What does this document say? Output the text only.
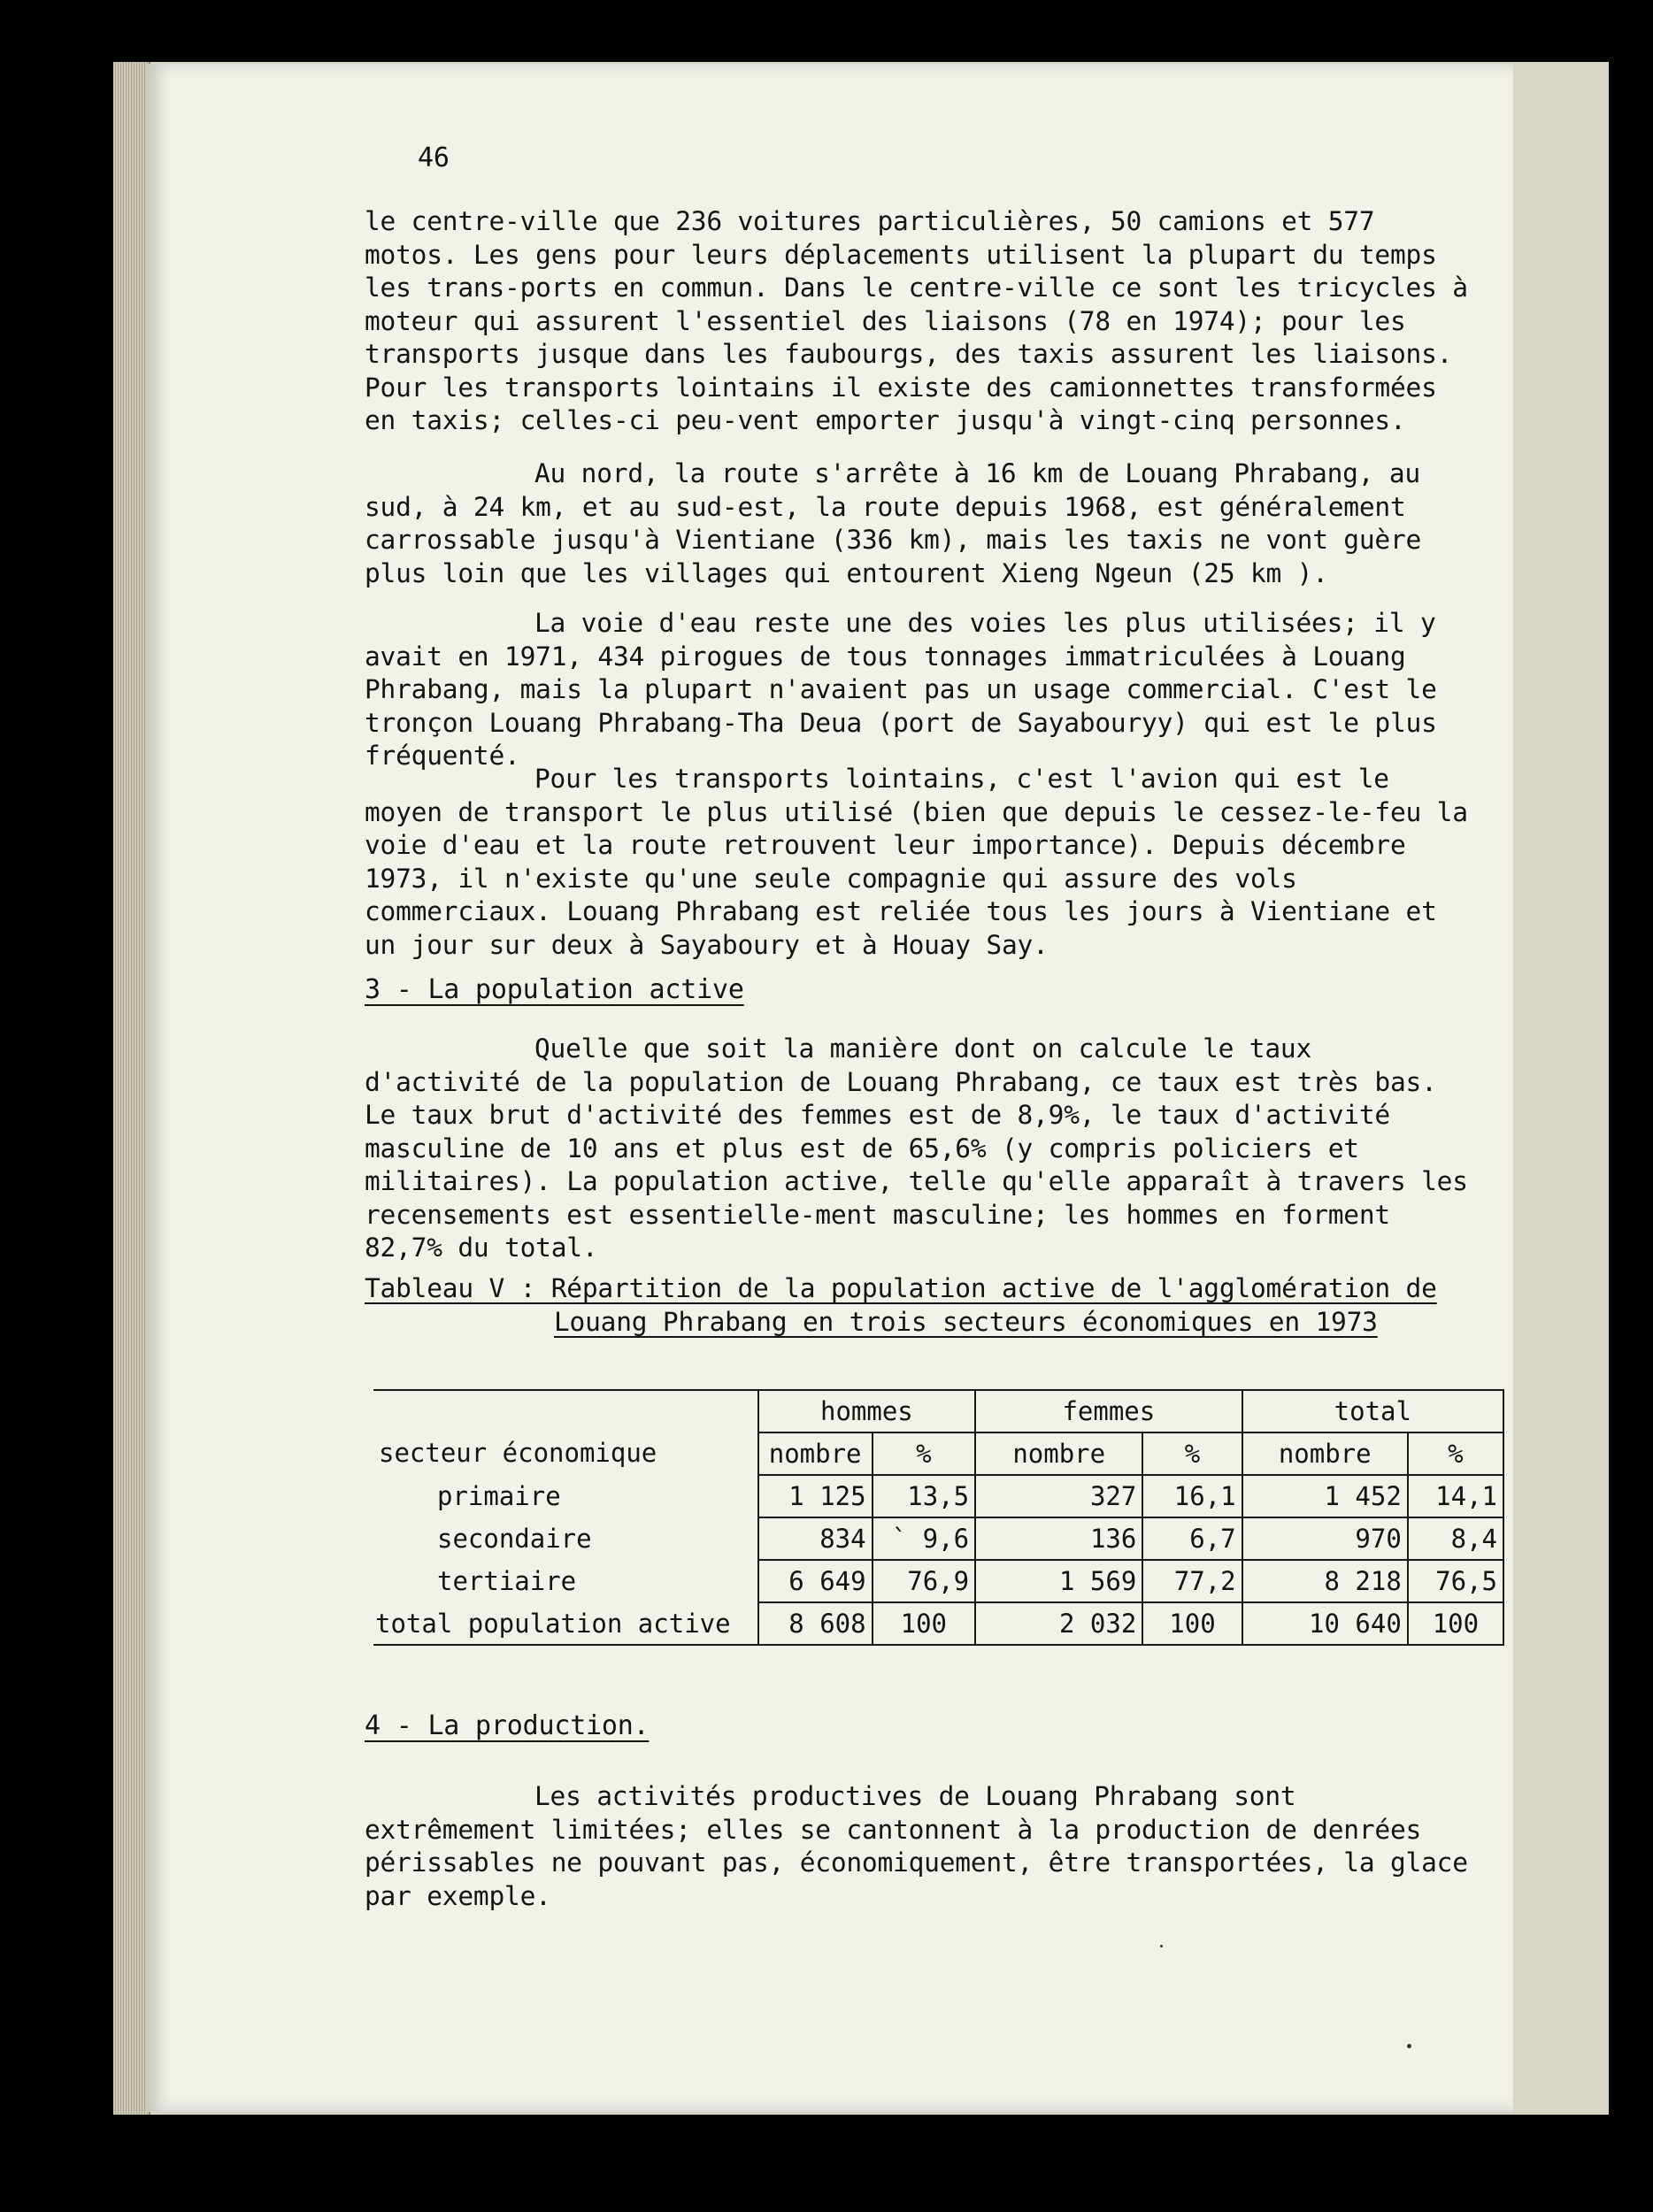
46

le centre-ville que 236 voitures particulières, 50 camions et 577 motos. Les gens pour leurs déplacements utilisent la plupart du temps les trans-ports en commun. Dans le centre-ville ce sont les tricycles à moteur qui assurent l'essentiel des liaisons (78 en 1974); pour les transports jusque dans les faubourgs, des taxis assurent les liaisons. Pour les transports lointains il existe des camionnettes transformées en taxis; celles-ci peu-vent emporter jusqu'à vingt-cinq personnes.

Au nord, la route s'arrête à 16 km de Louang Phrabang, au sud, à 24 km, et au sud-est, la route depuis 1968, est généralement carrossable jusqu'à Vientiane (336 km), mais les taxis ne vont guère plus loin que les villages qui entourent Xieng Ngeun (25 km ).

La voie d'eau reste une des voies les plus utilisées; il y avait en 1971, 434 pirogues de tous tonnages immatriculées à Louang Phrabang, mais la plupart n'avaient pas un usage commercial. C'est le tronçon Louang Phrabang-Tha Deua (port de Sayabouryy) qui est le plus fréquenté.

Pour les transports lointains, c'est l'avion qui est le moyen de transport le plus utilisé (bien que depuis le cessez-le-feu la voie d'eau et la route retrouvent leur importance). Depuis décembre 1973, il n'existe qu'une seule compagnie qui assure des vols commerciaux. Louang Phrabang est reliée tous les jours à Vientiane et un jour sur deux à Sayaboury et à Houay Say.

3 - La population active

Quelle que soit la manière dont on calcule le taux d'activité de la population de Louang Phrabang, ce taux est très bas. Le taux brut d'activité des femmes est de 8,9%, le taux d'activité masculine de 10 ans et plus est de 65,6% (y compris policiers et militaires). La population active, telle qu'elle apparaît à travers les recensements est essentielle-ment masculine; les hommes en forment 82,7% du total.

Tableau V : Répartition de la population active de l'agglomération de
Louang Phrabang en trois secteurs économiques en 1973
secteur économique	hommes		femmes		total	
	nombre	%	nombre	%	nombre	%
primaire	1 125	13,5	327	16,1	1 452	14,1
secondaire	834	` 9,6	136	6,7	970	8,4
tertiaire	6 649	76,9	1 569	77,2	8 218	76,5
total population active	8 608	100	2 032	100	10 640	100
4 - La production.

Les activités productives de Louang Phrabang sont extrêmement limitées; elles se cantonnent à la production de denrées périssables ne pouvant pas, économiquement, être transportées, la glace par exemple.
